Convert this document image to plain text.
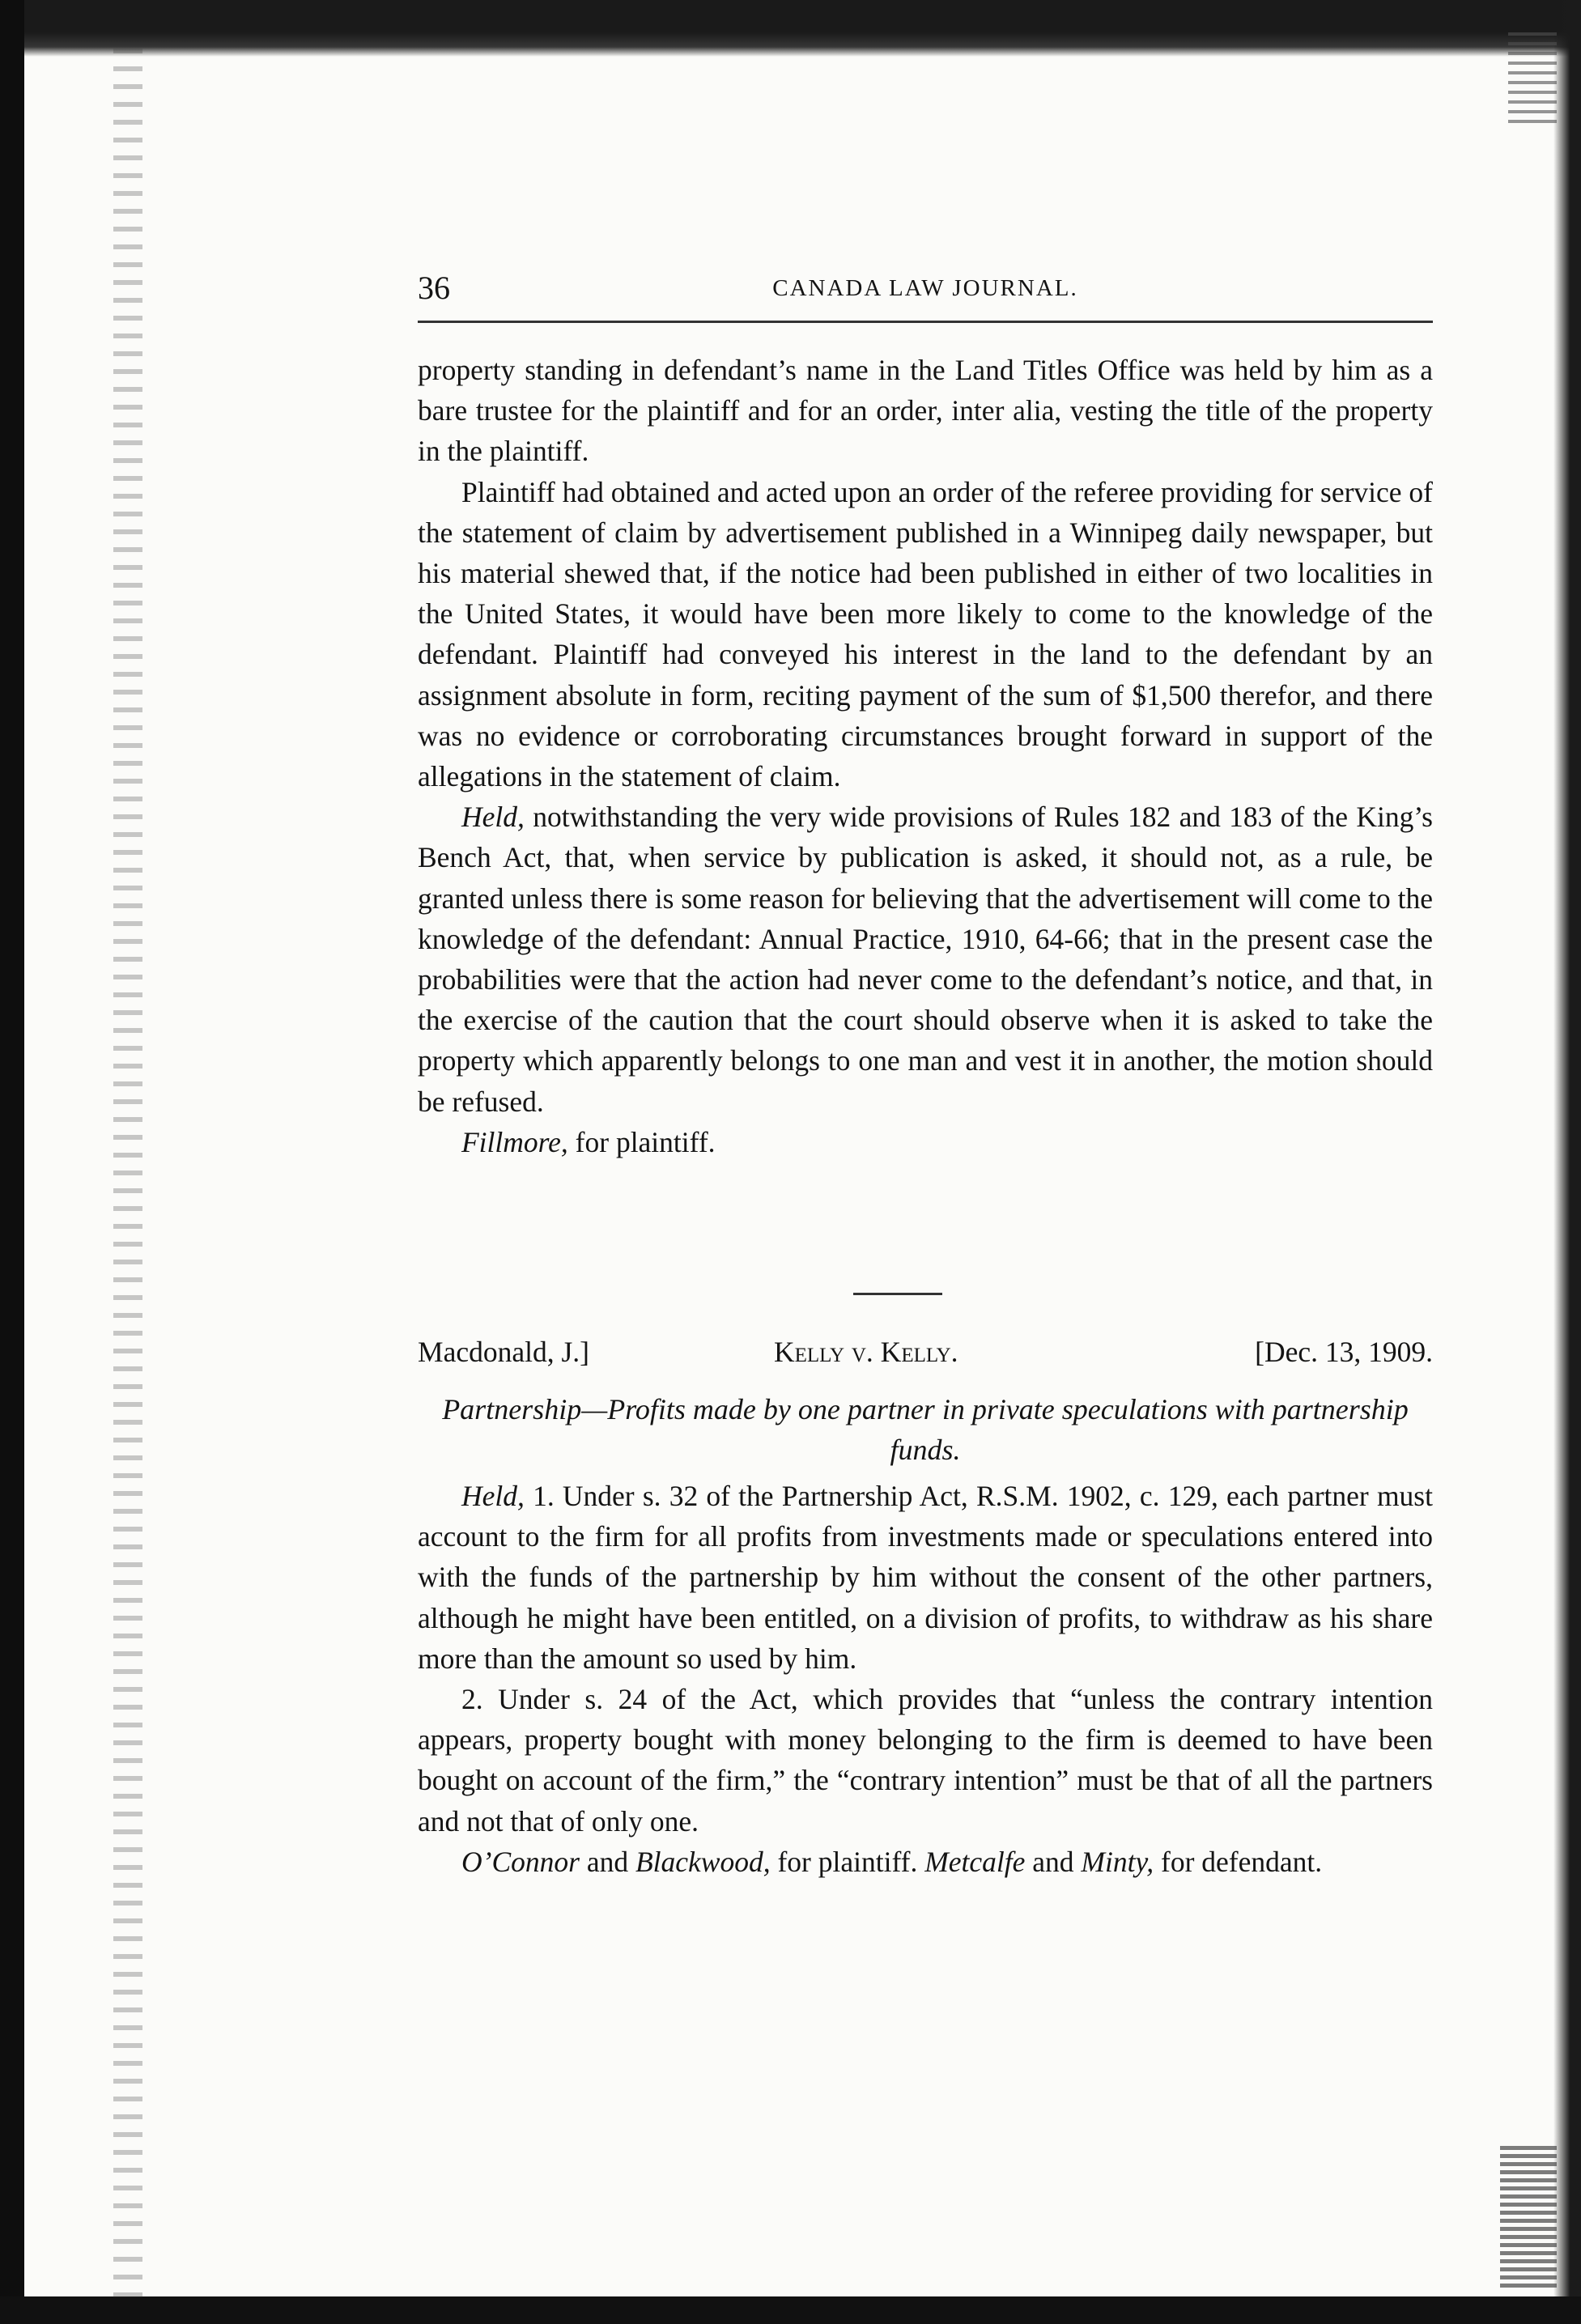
36	CANADA LAW JOURNAL.

property standing in defendant’s name in the Land Titles Office was held by him as a bare trustee for the plaintiff and for an order, inter alia, vesting the title of the property in the plaintiff.

Plaintiff had obtained and acted upon an order of the referee providing for service of the statement of claim by advertisement published in a Winnipeg daily newspaper, but his material shewed that, if the notice had been published in either of two localities in the United States, it would have been more likely to come to the knowledge of the defendant. Plaintiff had conveyed his interest in the land to the defendant by an assignment absolute in form, reciting payment of the sum of $1,500 therefor, and there was no evidence or corroborating circumstances brought forward in support of the allegations in the statement of claim.

Held, notwithstanding the very wide provisions of Rules 182 and 183 of the King’s Bench Act, that, when service by publication is asked, it should not, as a rule, be granted unless there is some reason for believing that the advertisement will come to the knowledge of the defendant: Annual Practice, 1910, 64-66; that in the present case the probabilities were that the action had never come to the defendant’s notice, and that, in the exercise of the caution that the court should observe when it is asked to take the property which apparently belongs to one man and vest it in another, the motion should be refused.

Fillmore, for plaintiff.

Macdonald, J.]	Kelly v. Kelly.	[Dec. 13, 1909.
Partnership—Profits made by one partner in private speculations with partnership funds.

Held, 1. Under s. 32 of the Partnership Act, R.S.M. 1902, c. 129, each partner must account to the firm for all profits from investments made or speculations entered into with the funds of the partnership by him without the consent of the other partners, although he might have been entitled, on a division of profits, to withdraw as his share more than the amount so used by him.

2. Under s. 24 of the Act, which provides that “unless the contrary intention appears, property bought with money belonging to the firm is deemed to have been bought on account of the firm,” the “contrary intention” must be that of all the partners and not that of only one.

O’Connor and Blackwood, for plaintiff. Metcalfe and Minty, for defendant.
